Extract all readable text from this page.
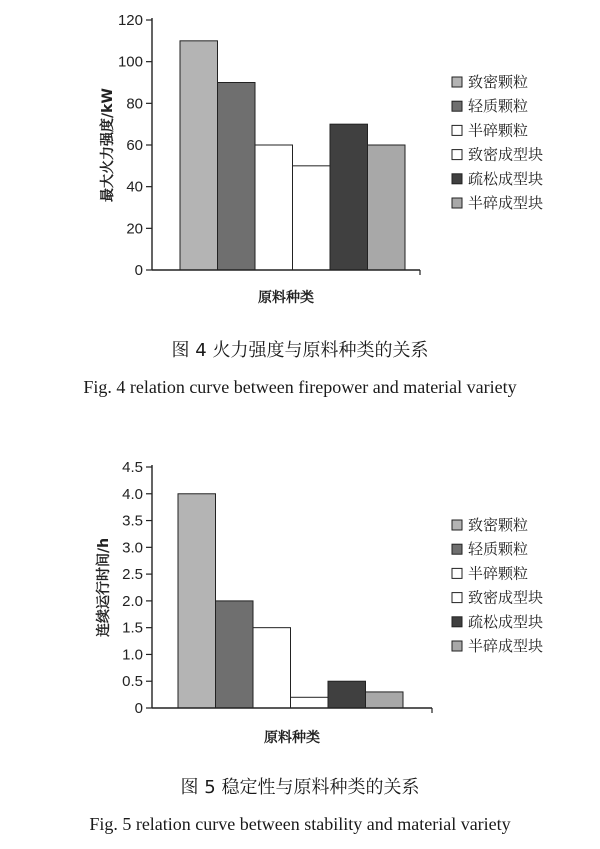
0
20
40
60
80
100
120
最大火力强度/kW
原料种类
致密颗粒
轻质颗粒
半碎颗粒
致密成型块
疏松成型块
半碎成型块
图 4 火力强度与原料种类的关系
Fig. 4 relation curve between firepower and material variety
0
0.5
1.0
1.5
2.0
2.5
3.0
3.5
4.0
4.5
连续运行时间/h
原料种类
致密颗粒
轻质颗粒
半碎颗粒
致密成型块
疏松成型块
半碎成型块
图 5 稳定性与原料种类的关系
Fig. 5 relation curve between stability and material variety
